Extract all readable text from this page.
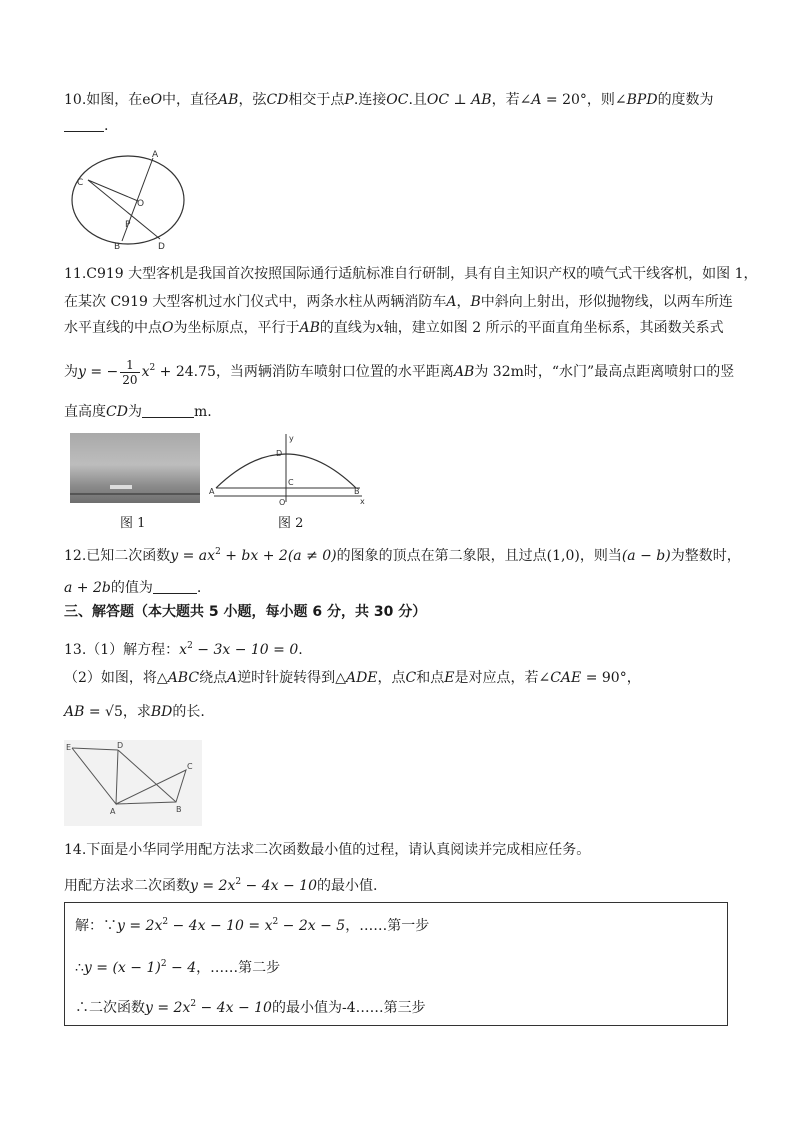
10.如图，在eO中，直径AB，弦CD相交于点P.连接OC.且OC ⊥ AB，若∠A = 20°，则∠BPD的度数为
.
A
C
O
P
B	D
11.C919 大型客机是我国首次按照国际通行适航标准自行研制，具有自主知识产权的喷气式干线客机，如图 1，
在某次 C919 大型客机过水门仪式中，两条水柱从两辆消防车A，B中斜向上射出，形似抛物线，以两车所连
水平直线的中点O为坐标原点，平行于AB的直线为x轴，建立如图 2 所示的平面直角坐标系，其函数关系式
为y = − $\frac{1}{20} x^2 + 24.75$，当两辆消防车喷射口位置的水平距离AB为 32m时，“水门”最高点距离喷射口的竖
直高度CD为	m.
图 1
y
D
C
A	B
O	x
图 2
12.已知二次函数$y = ax^2$ + bx + 2(a ≠ 0)的图象的顶点在第二象限，且过点(1,0)，则当(a − b)为整数时，
a + 2b的值为	.
三、解答题（本大题共 5 小题，每小题 6 分，共 30 分）
13.（1）解方程：$x^2 - 3x - 10 = 0$.
（2）如图，将△ABC绕点A逆时针旋转得到△ADE，点C和点E是对应点，若∠CAE = 90°，
AB = √5，求BD的长.
E	D
C
A	B
14.下面是小华同学用配方法求二次函数最小值的过程，请认真阅读并完成相应任务。
用配方法求二次函数$y = 2x^2 - 4x - 10$的最小值.
解：∵y = $2x^2 - 4x - 10 = x^2 - 2x - 5$，……第一步
∴y = $(x - 1)^2 - 4$，……第二步
∴二次函数$y = 2x^2 - 4x - 10$的最小值为-4……第三步
